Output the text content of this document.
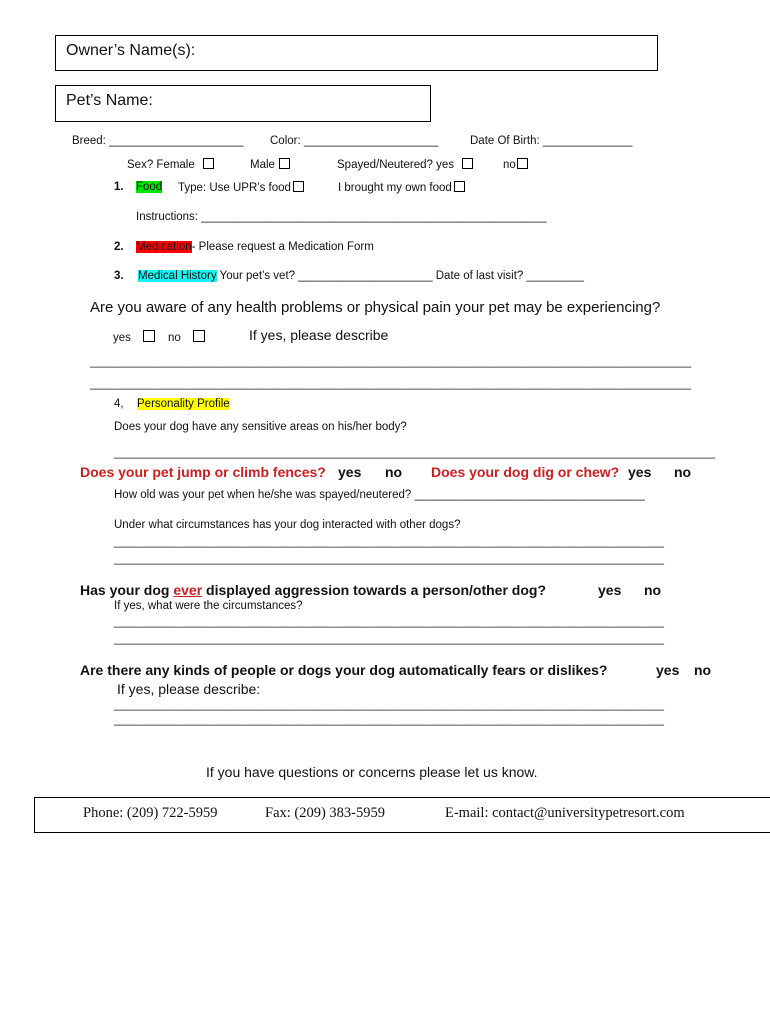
Owner’s Name(s):
Pet’s Name:
Breed: _____________________ Color: _____________________	Date Of Birth: ______________
Sex? Female	Male	Spayed/Neutered? yes	no
1. Food Type: Use UPR’s food	I brought my own food
Instructions: ______________________________________________________
2. Medication- Please request a Medication Form
3. Medical History Your pet’s vet? _____________________ Date of last visit? _________
Are you aware of any health problems or physical pain your pet may be experiencing?
yes	no	If yes, please describe
______________________________________________________________________________________________
______________________________________________________________________________________________
4, Personality Profile
Does your dog have any sensitive areas on his/her body?
______________________________________________________________________________________________
Does your pet jump or climb fences? yes no Does your dog dig or chew? yes no
How old was your pet when he/she was spayed/neutered? ____________________________________
Under what circumstances has your dog interacted with other dogs?
______________________________________________________________________________________
______________________________________________________________________________________
Has your dog ever displayed aggression towards a person/other dog?	yes no
If yes, what were the circumstances?
______________________________________________________________________________________
______________________________________________________________________________________
Are there any kinds of people or dogs your dog automatically fears or dislikes?	yes no
If yes, please describe:
______________________________________________________________________________________
______________________________________________________________________________________
If you have questions or concerns please let us know.
Phone: (209) 722-5959	Fax: (209) 383-5959	E-mail: contact@universitypetresort.com
